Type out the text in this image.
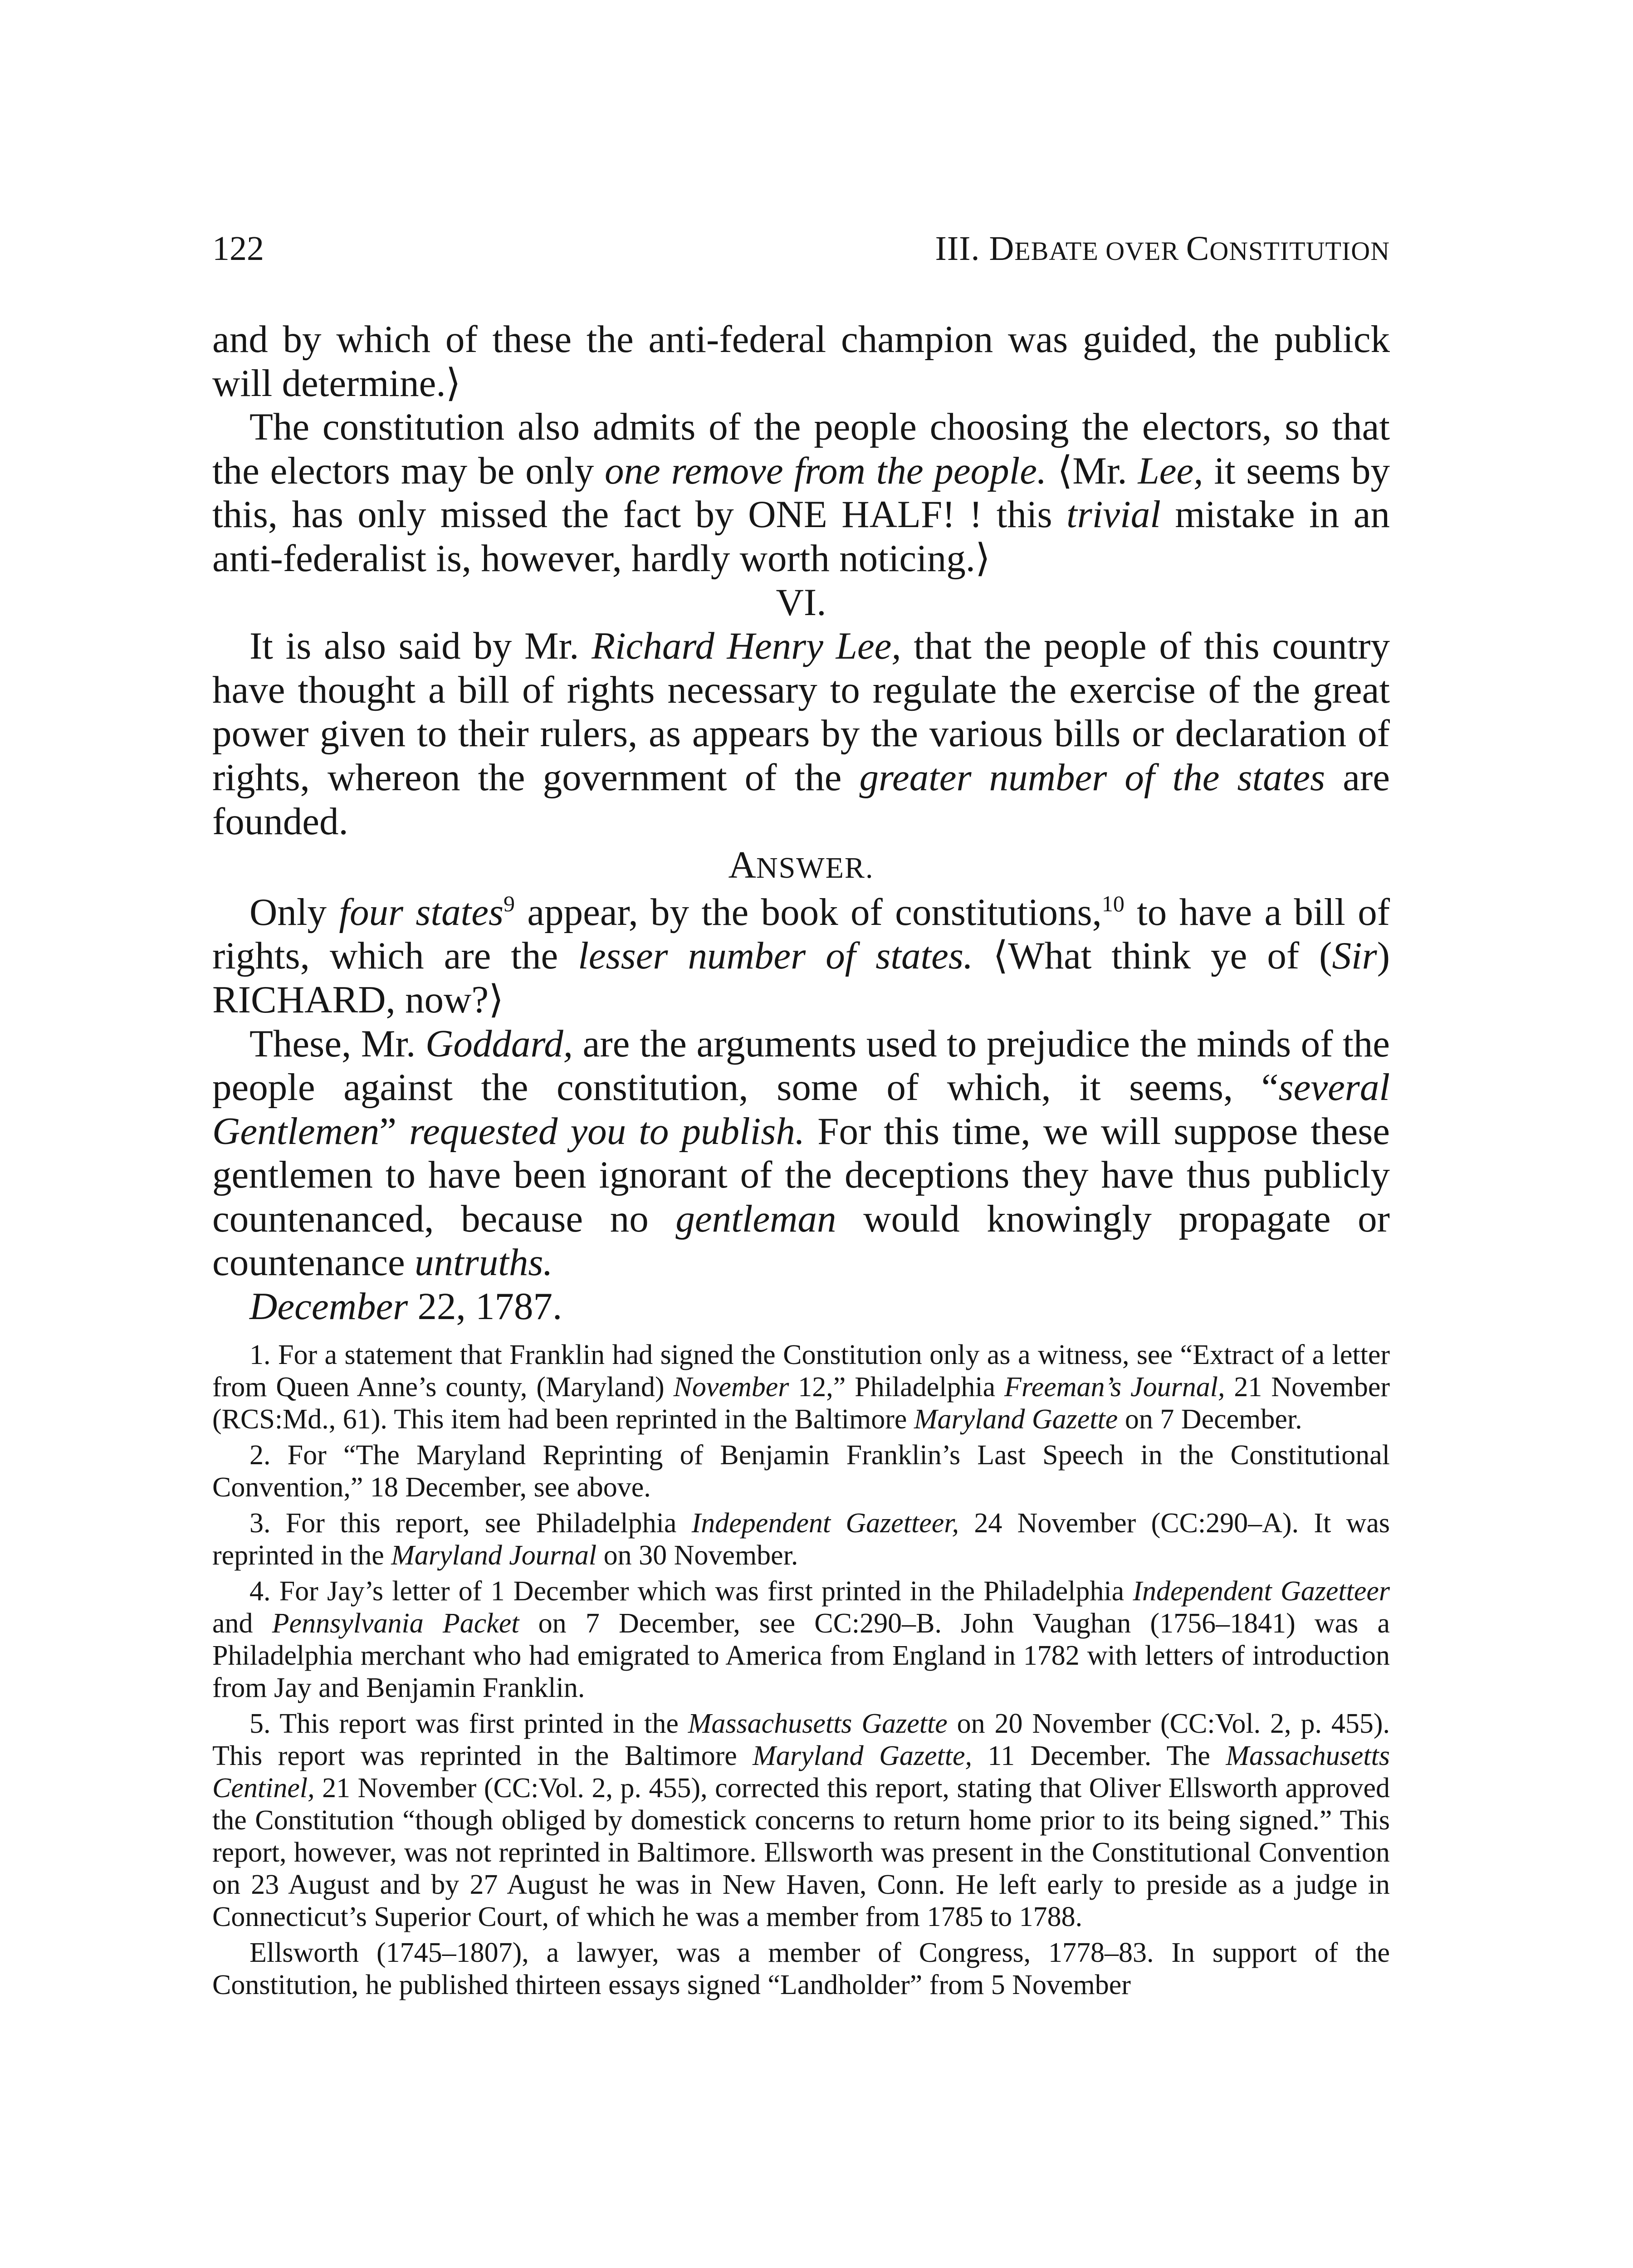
122	III. DEBATE OVER CONSTITUTION

and by which of these the anti-federal champion was guided, the publick will determine.⟩

The constitution also admits of the people choosing the electors, so that the electors may be only one remove from the people. ⟨Mr. Lee, it seems by this, has only missed the fact by ONE HALF! ! this trivial mistake in an anti-federalist is, however, hardly worth noticing.⟩

VI.

It is also said by Mr. Richard Henry Lee, that the people of this country have thought a bill of rights necessary to regulate the exercise of the great power given to their rulers, as appears by the various bills or declaration of rights, whereon the government of the greater number of the states are founded.

ANSWER.

Only four states$^9$ appear, by the book of constitutions,$^{10}$ to have a bill of rights, which are the lesser number of states. ⟨What think ye of (Sir) RICHARD, now?⟩

These, Mr. Goddard, are the arguments used to prejudice the minds of the people against the constitution, some of which, it seems, “several Gentlemen” requested you to publish. For this time, we will suppose these gentlemen to have been ignorant of the deceptions they have thus publicly countenanced, because no gentleman would knowingly propagate or countenance untruths.

December 22, 1787.

1. For a statement that Franklin had signed the Constitution only as a witness, see “Extract of a letter from Queen Anne’s county, (Maryland) November 12,” Philadelphia Freeman’s Journal, 21 November (RCS:Md., 61). This item had been reprinted in the Baltimore Maryland Gazette on 7 December.

2. For “The Maryland Reprinting of Benjamin Franklin’s Last Speech in the Constitutional Convention,” 18 December, see above.

3. For this report, see Philadelphia Independent Gazetteer, 24 November (CC:290–A). It was reprinted in the Maryland Journal on 30 November.

4. For Jay’s letter of 1 December which was first printed in the Philadelphia Independent Gazetteer and Pennsylvania Packet on 7 December, see CC:290–B. John Vaughan (1756–1841) was a Philadelphia merchant who had emigrated to America from England in 1782 with letters of introduction from Jay and Benjamin Franklin.

5. This report was first printed in the Massachusetts Gazette on 20 November (CC:Vol. 2, p. 455). This report was reprinted in the Baltimore Maryland Gazette, 11 December. The Massachusetts Centinel, 21 November (CC:Vol. 2, p. 455), corrected this report, stating that Oliver Ellsworth approved the Constitution “though obliged by domestick concerns to return home prior to its being signed.” This report, however, was not reprinted in Baltimore. Ellsworth was present in the Constitutional Convention on 23 August and by 27 August he was in New Haven, Conn. He left early to preside as a judge in Connecticut’s Superior Court, of which he was a member from 1785 to 1788.

Ellsworth (1745–1807), a lawyer, was a member of Congress, 1778–83. In support of the Constitution, he published thirteen essays signed “Landholder” from 5 November
